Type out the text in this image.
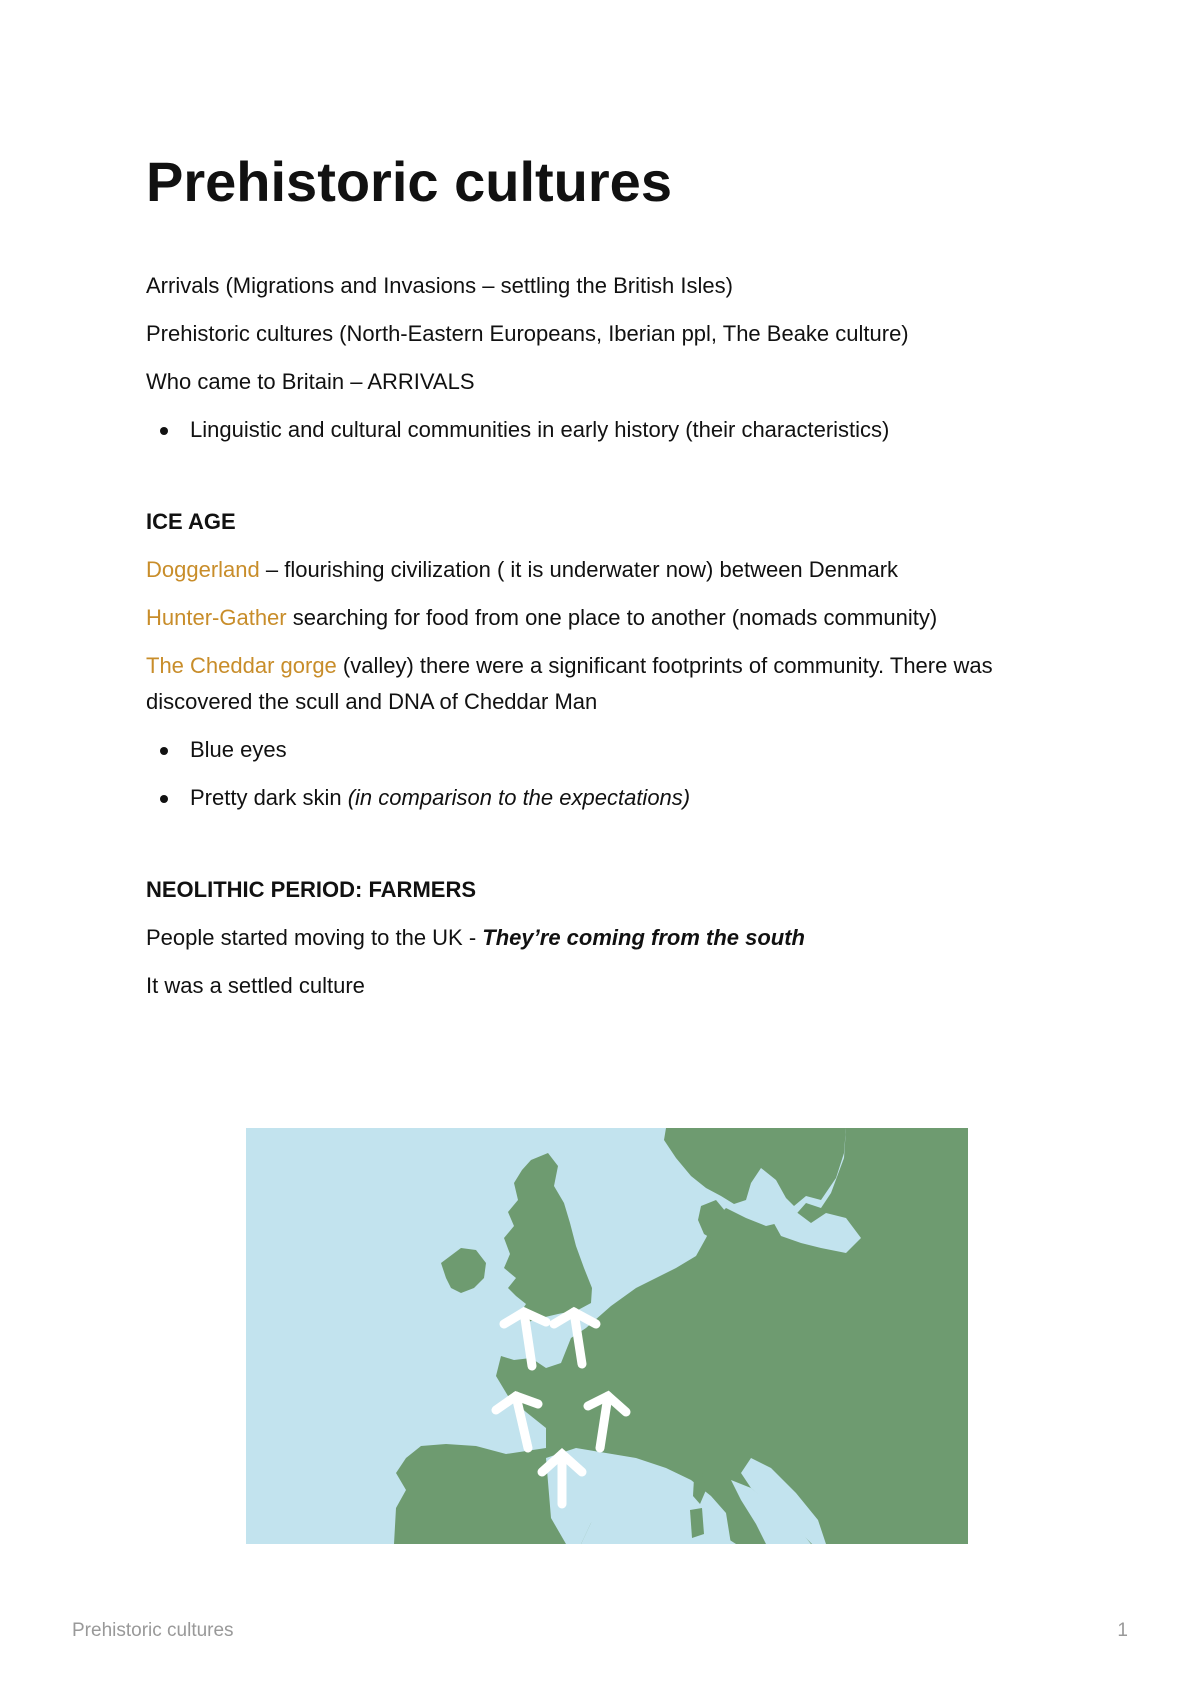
Prehistoric cultures

Arrivals (Migrations and Invasions – settling the British Isles)

Prehistoric cultures (North-Eastern Europeans, Iberian ppl, The Beake culture)

Who came to Britain – ARRIVALS

Linguistic and cultural communities in early history (their characteristics)

ICE AGE

Doggerland – flourishing civilization ( it is underwater now) between Denmark

Hunter-Gather searching for food from one place to another (nomads community)

The Cheddar gorge (valley) there were a significant footprints of community. There was discovered the scull and DNA of Cheddar Man

Blue eyes
Pretty dark skin (in comparison to the expectations)

NEOLITHIC PERIOD: FARMERS

People started moving to the UK - They’re coming from the south

It was a settled culture

Prehistoric cultures	1
